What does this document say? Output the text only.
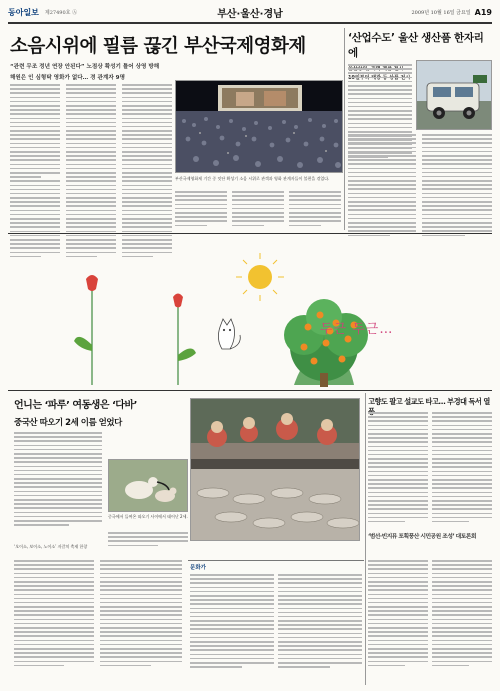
동아일보 제27490호 Ⓐ	부산·울산·경남	2009년 10월 16일 금요일 A19
소음시위에 필름 끊긴 부산국제영화제
“관련 무조 정년 연장 안된다” 노점상 확성기 틀어 상영 방해
해원은 인 심형탁 영화가 없다… 경 관계자 9명

부산국제영화제 기간 중 잇단 확성기 소음 시위로 관객과 영화 관계자들이 불편을 겪었다.

‘산업수도’ 울산 생산품 한자리에
두근 두근…
언니는 ‘파루’ 여동생은 ‘다바’
중국산 따오기 2세 이름 얻었다

중국에서 들여온 따오기 사이에서 태어난 2세.

‘오이소, 보이소, 노이소’ 자갈치 축제 한창

문화가
고향도 팔고 설교도 타고… 부경대 독서 열
‘범선·빈지뮤 포획풍산 시민공원 조성’ 대토론회
